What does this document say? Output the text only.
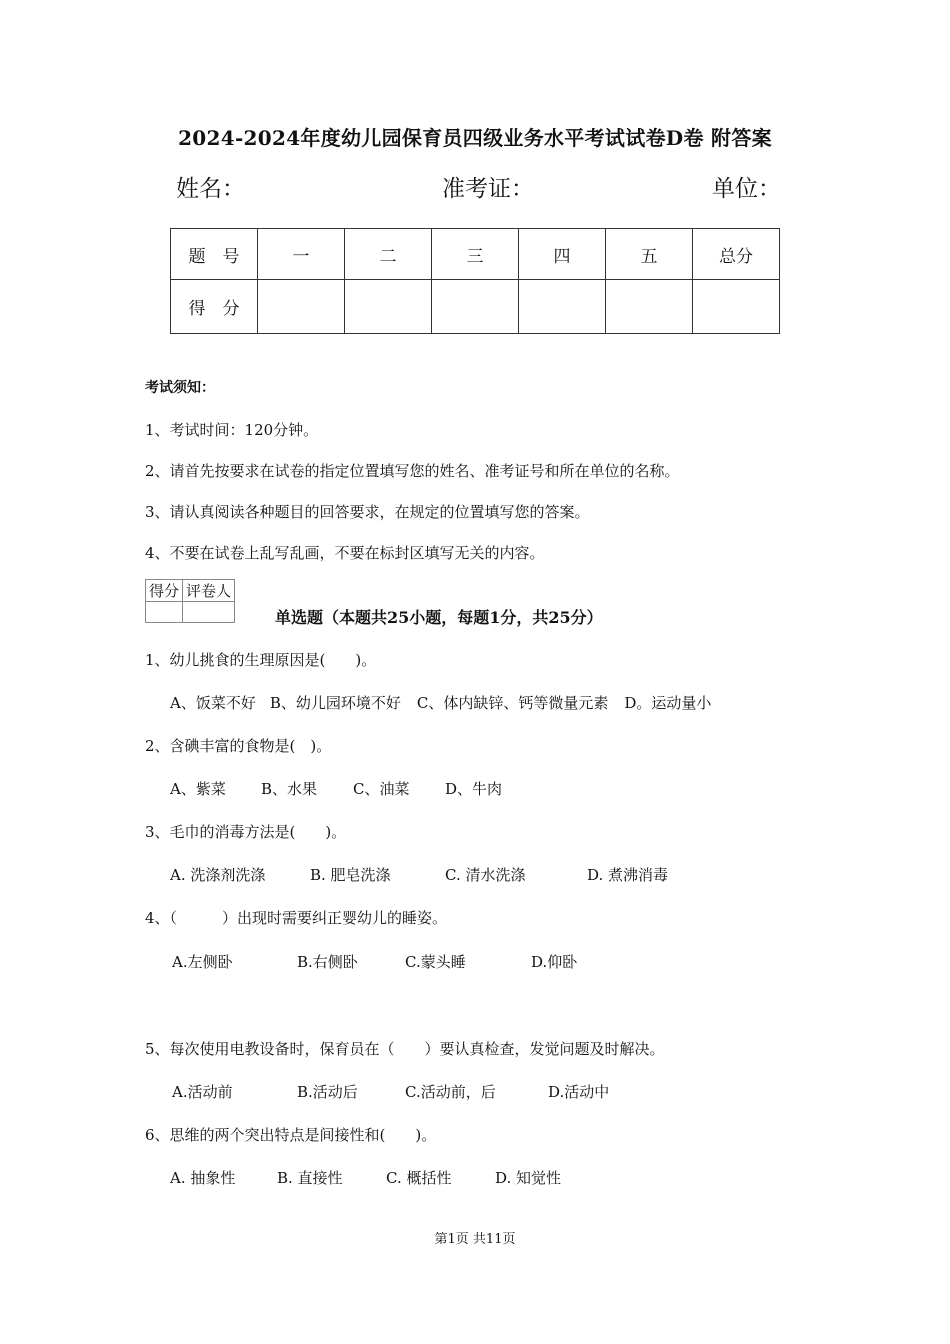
2024-2024年度幼儿园保育员四级业务水平考试试卷D卷 附答案
姓名：	准考证：	单位：
题　号	一	二	三	四	五	总分
得　分						
考试须知：
1、考试时间：120分钟。
2、请首先按要求在试卷的指定位置填写您的姓名、准考证号和所在单位的名称。
3、请认真阅读各种题目的回答要求，在规定的位置填写您的答案。
4、不要在试卷上乱写乱画，不要在标封区填写无关的内容。
得分	评卷人

单选题（本题共25小题，每题1分，共25分）
1、幼儿挑食的生理原因是(　　)。
A、饭菜不好 B、幼儿园环境不好 C、体内缺锌、钙等微量元素 D。运动量小
2、含碘丰富的食物是(　)。
A、紫菜 B、水果 C、油菜 D、牛肉
3、毛巾的消毒方法是(　　)。
A. 洗涤剂洗涤	B. 肥皂洗涤	C. 清水洗涤	D. 煮沸消毒
4、（　　　）出现时需要纠正婴幼儿的睡姿。
A.左侧卧	B.右侧卧	C.蒙头睡	D.仰卧
5、每次使用电教设备时，保育员在（　　）要认真检查，发觉问题及时解决。
A.活动前	B.活动后	C.活动前，后	D.活动中
6、思维的两个突出特点是间接性和(　　)。
A. 抽象性	B. 直接性	C. 概括性	D. 知觉性
第1页 共11页
